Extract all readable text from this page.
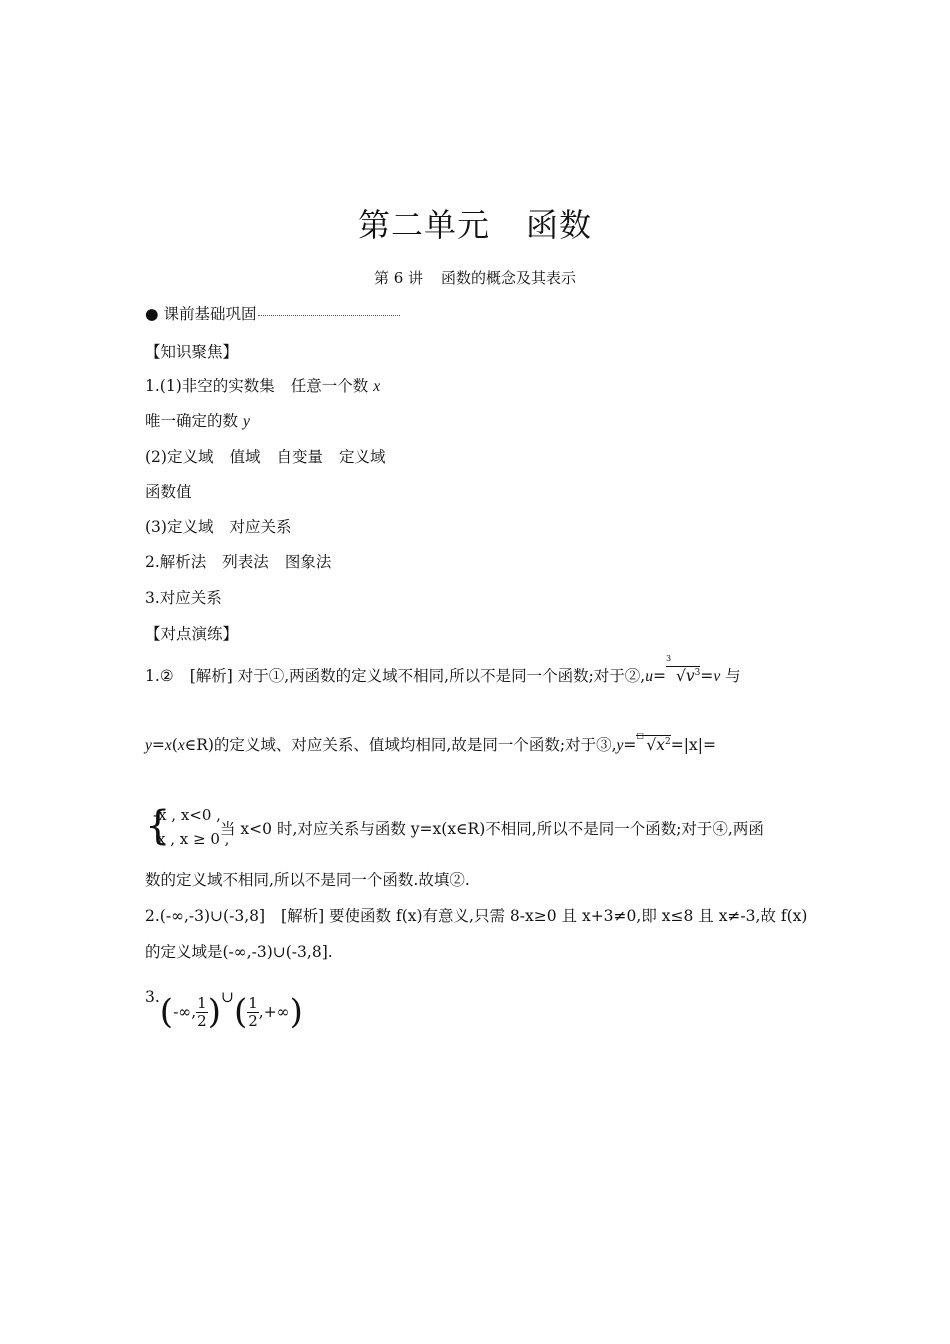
第二单元 函数
第 6 讲 函数的概念及其表示
● 课前基础巩固
【知识聚焦】
1.(1)非空的实数集 任意一个数 x
唯一确定的数 y
(2)定义域 值域 自变量 定义域
函数值
(3)定义域 对应关系
2.解析法 列表法 图象法
3.对应关系
【对点演练】
1.② [解析] 对于①,两函数的定义域不相同,所以不是同一个函数;对于②,u=
3
$√v^3=v$ 与
y=x(x∈R)的定义域、对应关系、值域均相同,故是同一个函数;对于③,y=
□
$√x^2=|x|=$
{
-x , x<0 ,
x , x ≥ 0 ,
当 x<0 时,对应关系与函数 y=x(x∈R)不相同,所以不是同一个函数;对于④,两函
数的定义域不相同,所以不是同一个函数.故填②.
2.(-∞,-3)∪(-3,8] [解析] 要使函数 f(x)有意义,只需 8-x≥0 且 x+3≠0,即 x≤8 且 x≠-3,故 f(x)
的定义域是(-∞,-3)∪(-3,8].
3.(-∞, $\frac{1}{2}$ )∪( $\frac{1}{2}$ ,+∞)
